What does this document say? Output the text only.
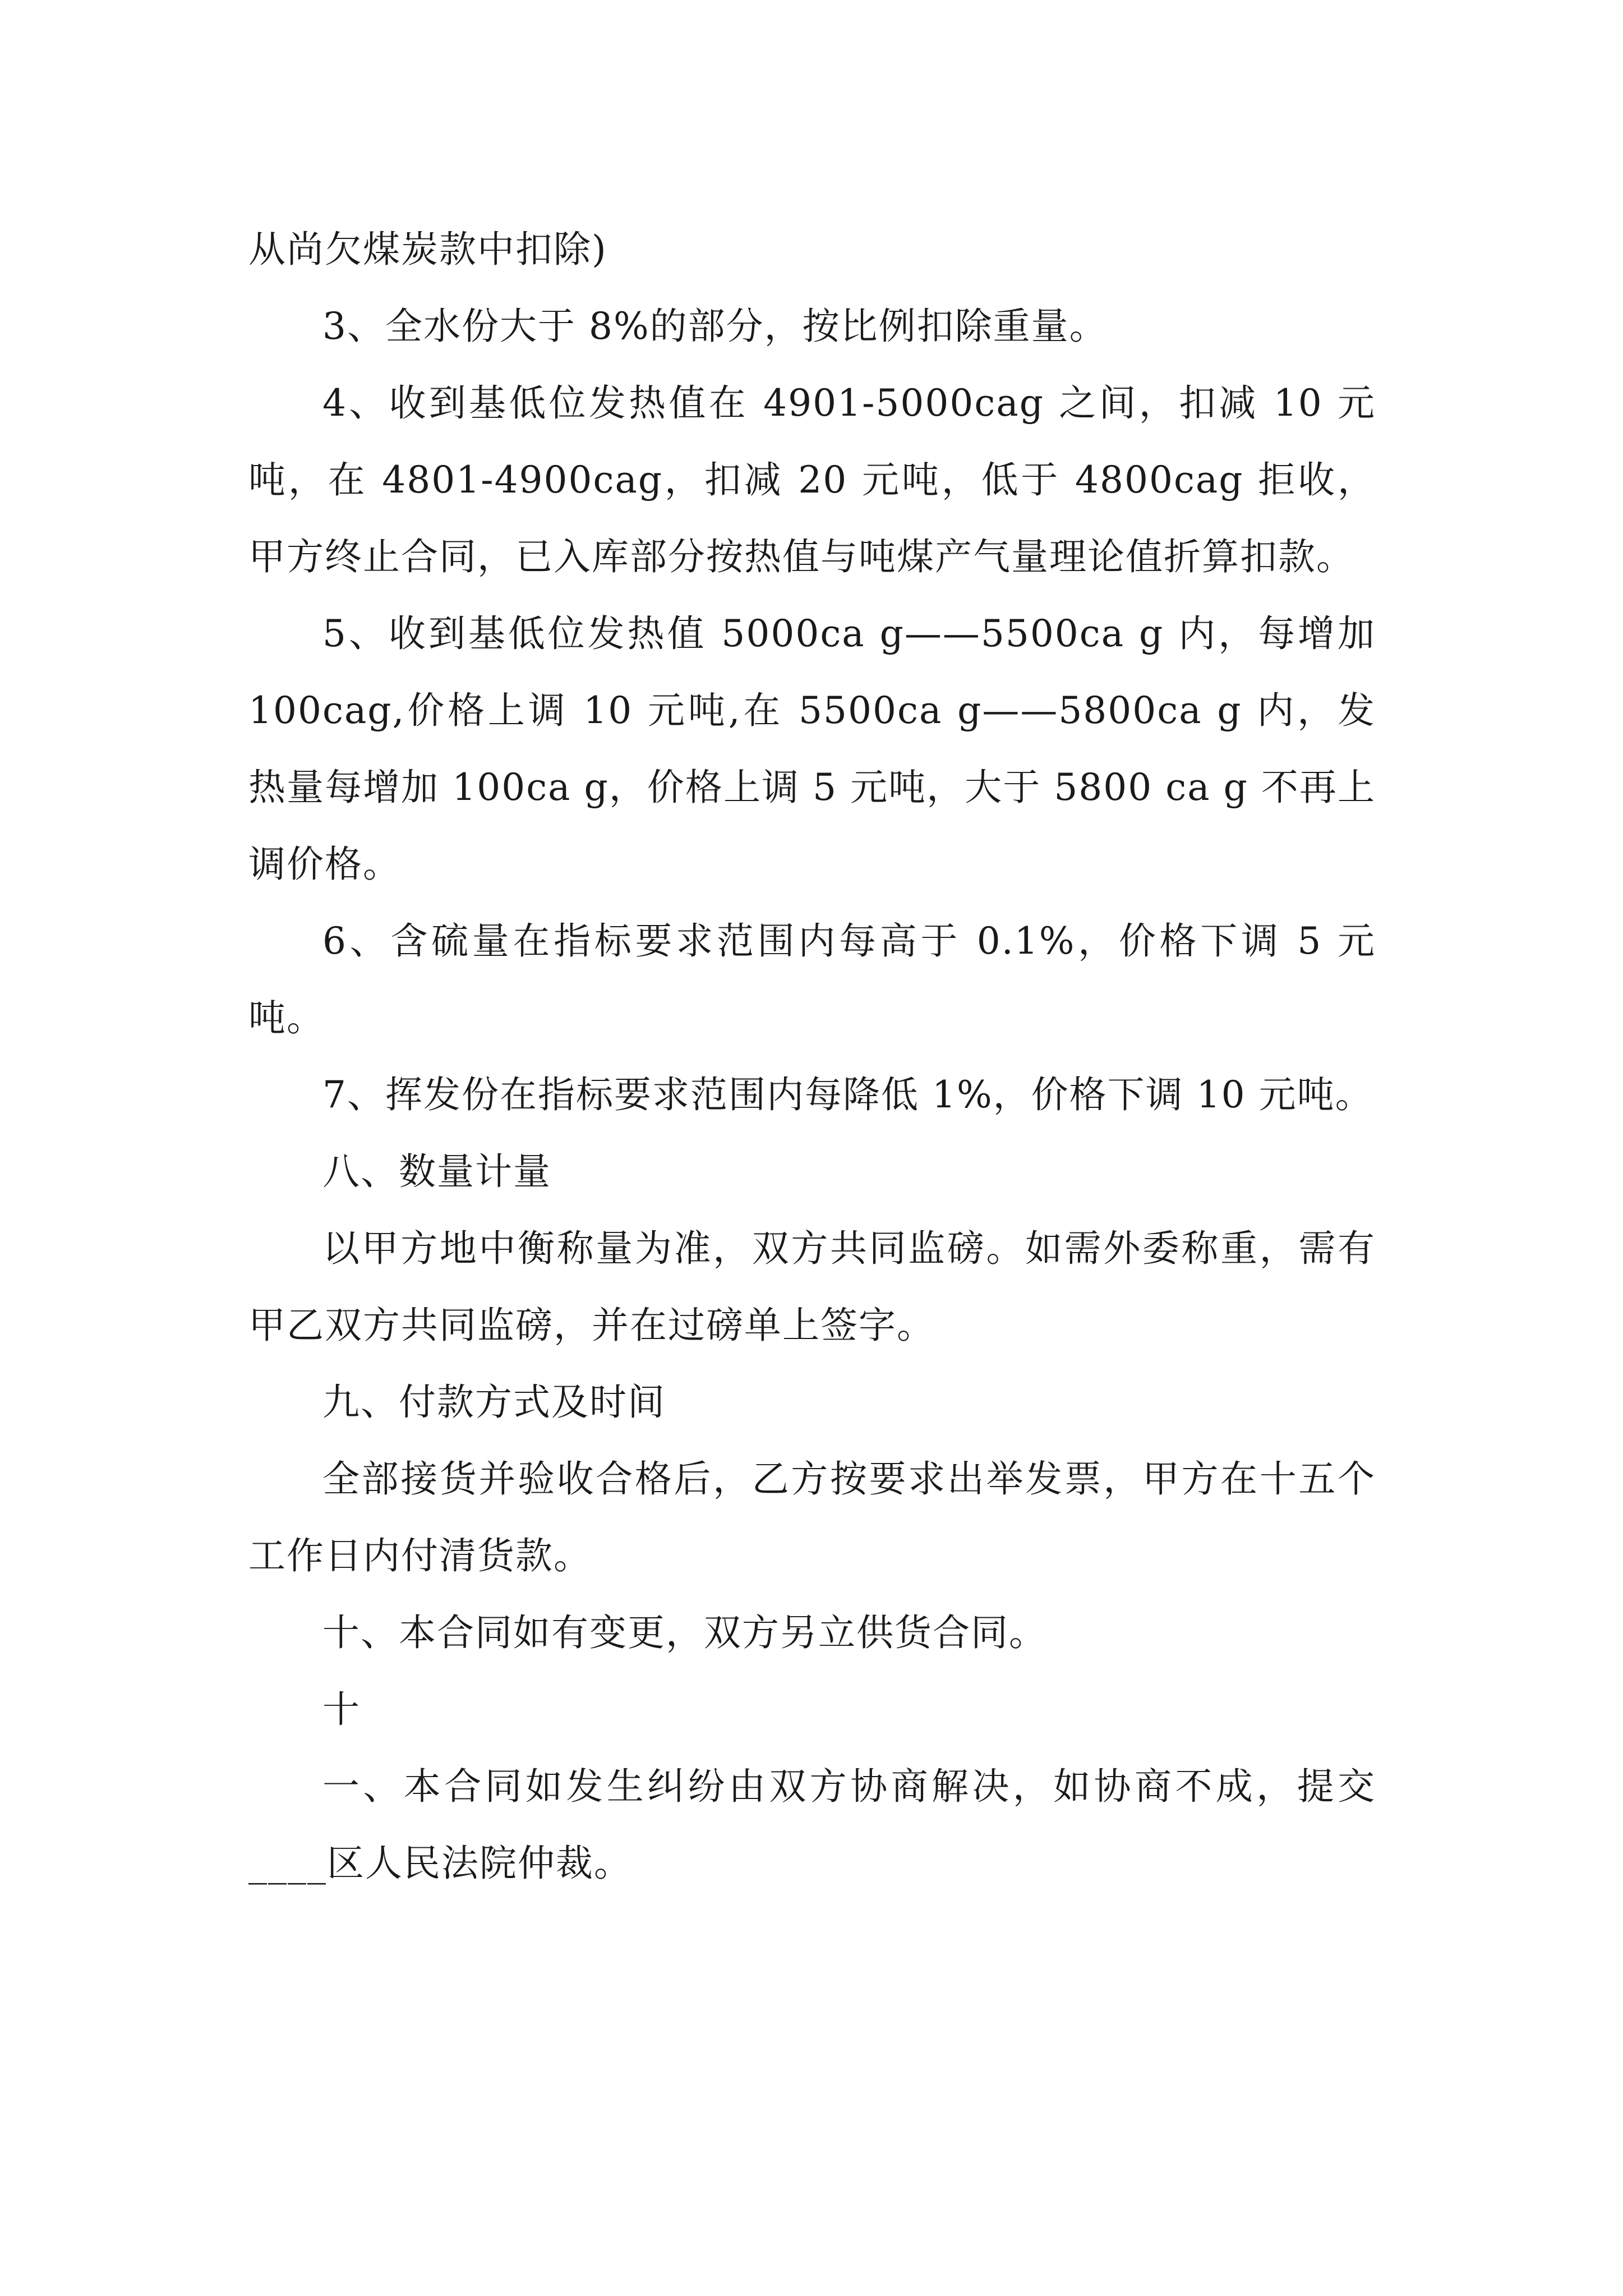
从尚欠煤炭款中扣除)

3、全水份大于 8%的部分，按比例扣除重量。

4、收到基低位发热值在 4901-5000cag 之间，扣减 10 元吨，在 4801-4900cag，扣减 20 元吨，低于 4800cag 拒收，甲方终止合同，已入库部分按热值与吨煤产气量理论值折算扣款。

5、收到基低位发热值 5000ca g——5500ca g 内，每增加 100cag,价格上调 10 元吨,在 5500ca g——5800ca g 内，发热量每增加 100ca g，价格上调 5 元吨，大于 5800 ca g 不再上调价格。

6、含硫量在指标要求范围内每高于 0.1%，价格下调 5 元吨。

7、挥发份在指标要求范围内每降低 1%，价格下调 10 元吨。

八、数量计量

以甲方地中衡称量为准，双方共同监磅。如需外委称重，需有甲乙双方共同监磅，并在过磅单上签字。

九、付款方式及时间

全部接货并验收合格后，乙方按要求出举发票，甲方在十五个工作日内付清货款。

十、本合同如有变更，双方另立供货合同。

十

一、本合同如发生纠纷由双方协商解决，如协商不成，提交____区人民法院仲裁。
